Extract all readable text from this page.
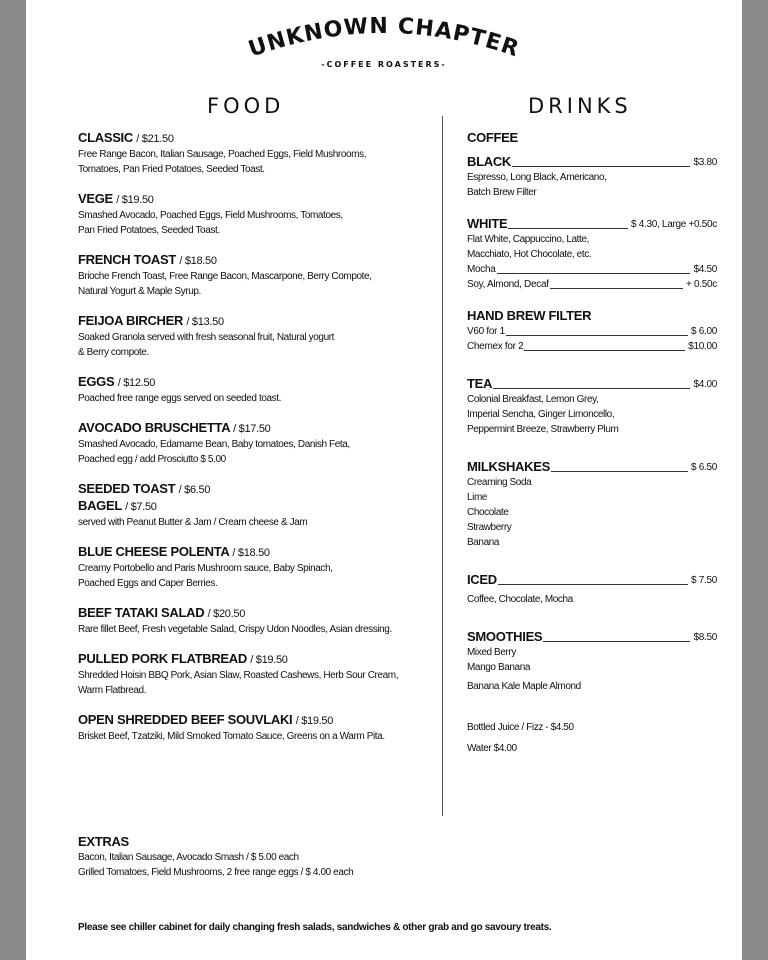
UNKNOWN CHAPTER
-COFFEE ROASTERS-
FOOD	DRINKS
CLASSIC / $21.50
Free Range Bacon, Italian Sausage, Poached Eggs, Field Mushrooms,
Tomatoes, Pan Fried Potatoes, Seeded Toast.
VEGE / $19.50
Smashed Avocado, Poached Eggs, Field Mushrooms, Tomatoes,
Pan Fried Potatoes, Seeded Toast.
FRENCH TOAST / $18.50
Brioche French Toast, Free Range Bacon, Mascarpone, Berry Compote,
Natural Yogurt & Maple Syrup.
FEIJOA BIRCHER / $13.50
Soaked Granola served with fresh seasonal fruit, Natural yogurt
& Berry compote.
EGGS / $12.50
Poached free range eggs served on seeded toast.
AVOCADO BRUSCHETTA / $17.50
Smashed Avocado, Edamame Bean, Baby tomatoes, Danish Feta,
Poached egg / add Prosciutto $ 5.00
SEEDED TOAST / $6.50
BAGEL / $7.50
served with Peanut Butter & Jam / Cream cheese & Jam
BLUE CHEESE POLENTA / $18.50
Creamy Portobello and Paris Mushroom sauce, Baby Spinach,
Poached Eggs and Caper Berries.
BEEF TATAKI SALAD / $20.50
Rare fillet Beef, Fresh vegetable Salad, Crispy Udon Noodles, Asian dressing.
PULLED PORK FLATBREAD / $19.50
Shredded Hoisin BBQ Pork, Asian Slaw, Roasted Cashews, Herb Sour Cream,
Warm Flatbread.
OPEN SHREDDED BEEF SOUVLAKI / $19.50
Brisket Beef, Tzatziki, Mild Smoked Tomato Sauce, Greens on a Warm Pita.
EXTRAS
Bacon, Italian Sausage, Avocado Smash / $ 5.00 each
Grilled Tomatoes, Field Mushrooms, 2 free range eggs / $ 4.00 each
COFFEE
BLACK	$3.80
Espresso, Long Black, Americano,
Batch Brew Filter
WHITE	$ 4.30, Large +0.50c
Flat White, Cappuccino, Latte,
Macchiato, Hot Chocolate, etc.
Mocha	$4.50
Soy, Almond, Decaf	+ 0.50c
HAND BREW FILTER
V60 for 1	$ 6.00
Chemex for 2	$10.00
TEA	$4.00
Colonial Breakfast, Lemon Grey,
Imperial Sencha, Ginger Limoncello,
Peppermint Breeze, Strawberry Plum
MILKSHAKES	$ 6.50
Creaming Soda
Lime
Chocolate
Strawberry
Banana
ICED	$ 7.50
Coffee, Chocolate, Mocha
SMOOTHIES	$8.50
Mixed Berry
Mango Banana
Banana Kale Maple Almond
Bottled Juice / Fizz - $4.50
Water $4.00
Please see chiller cabinet for daily changing fresh salads, sandwiches & other grab and go savoury treats.
